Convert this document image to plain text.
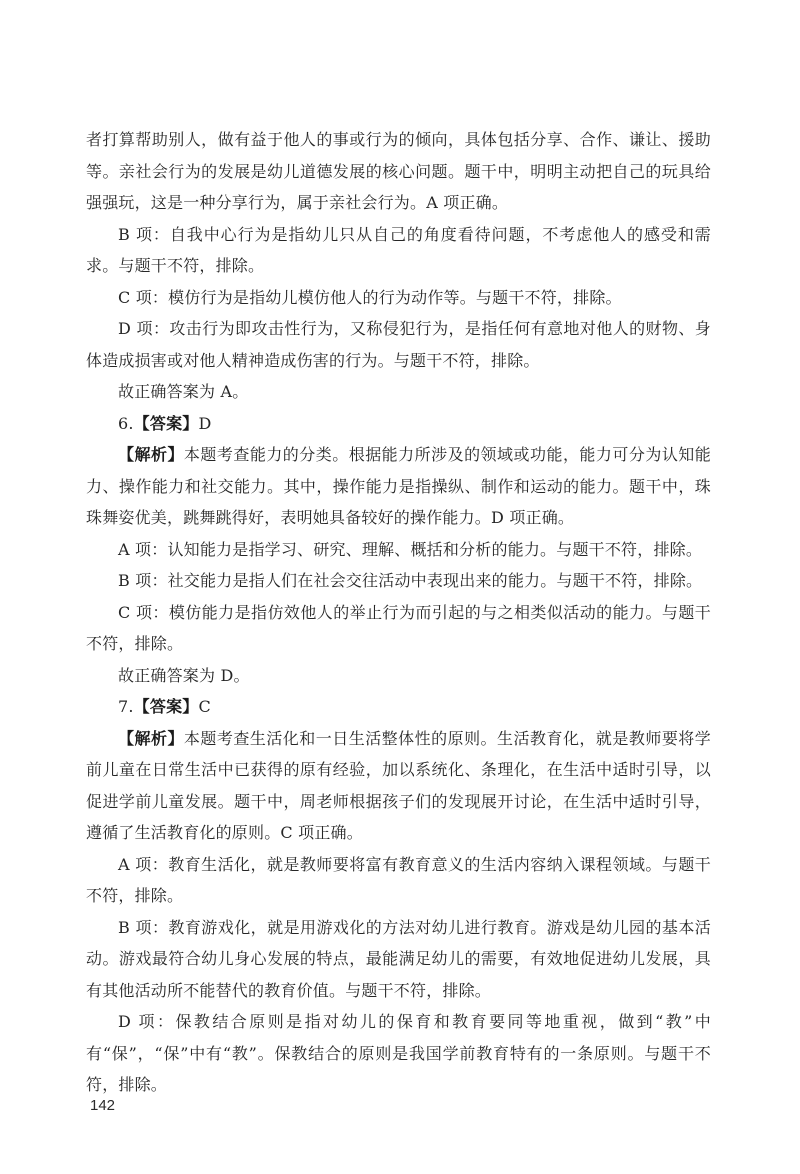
者打算帮助别人，做有益于他人的事或行为的倾向，具体包括分享、合作、谦让、援助等。亲社会行为的发展是幼儿道德发展的核心问题。题干中，明明主动把自己的玩具给强强玩，这是一种分享行为，属于亲社会行为。A 项正确。

B 项：自我中心行为是指幼儿只从自己的角度看待问题，不考虑他人的感受和需求。与题干不符，排除。

C 项：模仿行为是指幼儿模仿他人的行为动作等。与题干不符，排除。

D 项：攻击行为即攻击性行为，又称侵犯行为，是指任何有意地对他人的财物、身体造成损害或对他人精神造成伤害的行为。与题干不符，排除。

故正确答案为 A。

6.【答案】D

【解析】本题考查能力的分类。根据能力所涉及的领域或功能，能力可分为认知能力、操作能力和社交能力。其中，操作能力是指操纵、制作和运动的能力。题干中，珠珠舞姿优美，跳舞跳得好，表明她具备较好的操作能力。D 项正确。

A 项：认知能力是指学习、研究、理解、概括和分析的能力。与题干不符，排除。

B 项：社交能力是指人们在社会交往活动中表现出来的能力。与题干不符，排除。

C 项：模仿能力是指仿效他人的举止行为而引起的与之相类似活动的能力。与题干不符，排除。

故正确答案为 D。

7.【答案】C

【解析】本题考查生活化和一日生活整体性的原则。生活教育化，就是教师要将学前儿童在日常生活中已获得的原有经验，加以系统化、条理化，在生活中适时引导，以促进学前儿童发展。题干中，周老师根据孩子们的发现展开讨论，在生活中适时引导，遵循了生活教育化的原则。C 项正确。

A 项：教育生活化，就是教师要将富有教育意义的生活内容纳入课程领域。与题干不符，排除。

B 项：教育游戏化，就是用游戏化的方法对幼儿进行教育。游戏是幼儿园的基本活动。游戏最符合幼儿身心发展的特点，最能满足幼儿的需要，有效地促进幼儿发展，具有其他活动所不能替代的教育价值。与题干不符，排除。

D 项：保教结合原则是指对幼儿的保育和教育要同等地重视，做到“教”中有“保”，“保”中有“教”。保教结合的原则是我国学前教育特有的一条原则。与题干不符，排除。

142
